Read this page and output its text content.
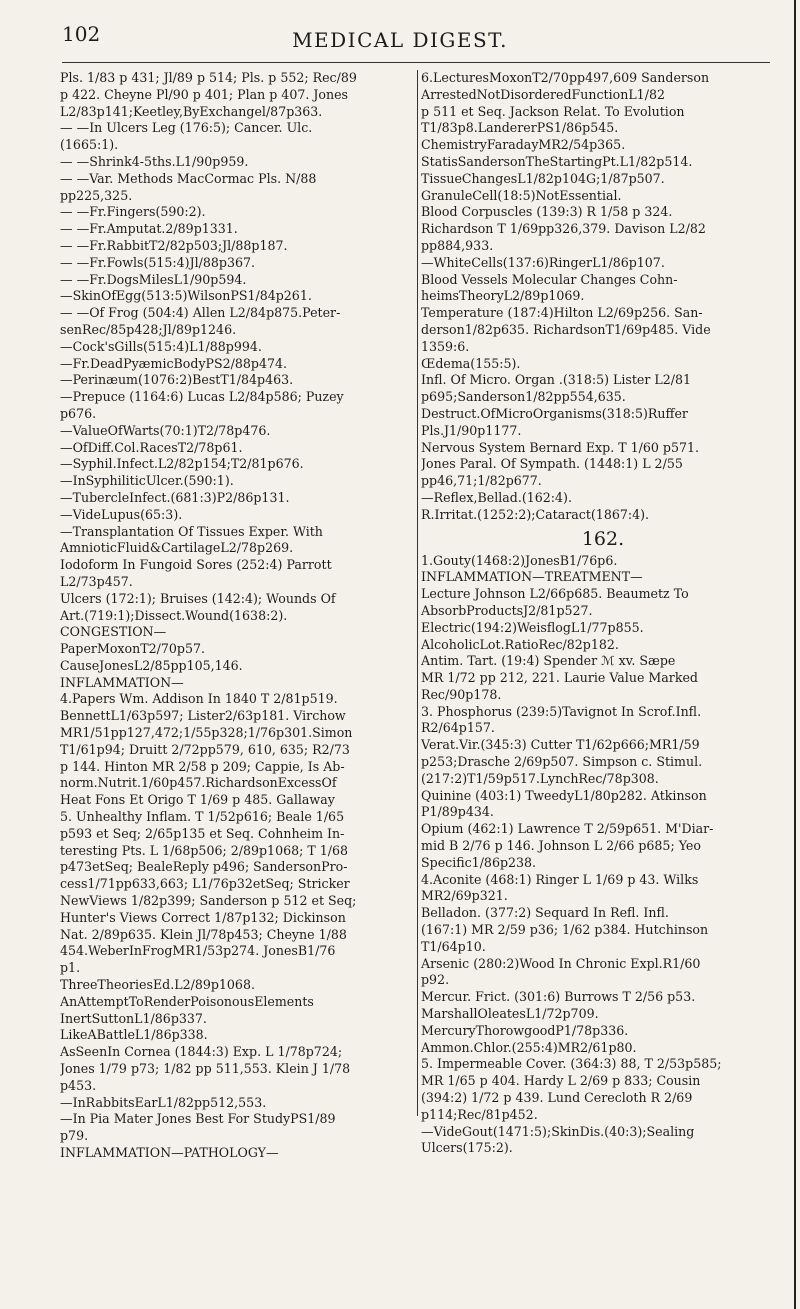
102	MEDICAL DIGEST.
Pls. 1/83 p 431; Jl/89 p 514; Pls. p 552; Rec/89
p 422. Cheyne Pl/90 p 401; Plan p 407. Jones
L2/83p141;Keetley,ByExchangel/87p363.
— —In Ulcers Leg (176:5); Cancer. Ulc.
(1665:1).
— —Shrink4-5ths.L1/90p959.
— —Var. Methods MacCormac Pls. N/88
pp225,325.
— —Fr.Fingers(590:2).
— —Fr.Amputat.2/89p1331.
— —Fr.RabbitT2/82p503;Jl/88p187.
— —Fr.Fowls(515:4)Jl/88p367.
— —Fr.DogsMilesL1/90p594.
—SkinOfEgg(513:5)WilsonPS1/84p261.
— —Of Frog (504:4) Allen L2/84p875.Peter-
senRec/85p428;Jl/89p1246.
—Cock'sGills(515:4)L1/88p994.
—Fr.DeadPyæmicBodyPS2/88p474.
—Perinæum(1076:2)BestT1/84p463.
—Prepuce (1164:6) Lucas L2/84p586; Puzey
p676.
—ValueOfWarts(70:1)T2/78p476.
—OfDiff.Col.RacesT2/78p61.
—Syphil.Infect.L2/82p154;T2/81p676.
—InSyphiliticUlcer.(590:1).
—TubercleInfect.(681:3)P2/86p131.
—VideLupus(65:3).
—Transplantation Of Tissues Exper. With
AmnioticFluid&CartilageL2/78p269.
Iodoform In Fungoid Sores (252:4) Parrott
L2/73p457.
Ulcers (172:1); Bruises (142:4); Wounds Of
Art.(719:1);Dissect.Wound(1638:2).
CONGESTION—
PaperMoxonT2/70p57.
CauseJonesL2/85pp105,146.
INFLAMMATION—
4.Papers Wm. Addison In 1840 T 2/81p519.
BennettL1/63p597; Lister2/63p181. Virchow
MR1/51pp127,472;1/55p328;1/76p301.Simon
T1/61p94; Druitt 2/72pp579, 610, 635; R2/73
p 144. Hinton MR 2/58 p 209; Cappie, Is Ab-
norm.Nutrit.1/60p457.RichardsonExcessOf
Heat Fons Et Origo T 1/69 p 485. Gallaway
5. Unhealthy Inflam. T 1/52p616; Beale 1/65
p593 et Seq; 2/65p135 et Seq. Cohnheim In-
teresting Pts. L 1/68p506; 2/89p1068; T 1/68
p473etSeq; BealeReply p496; SandersonPro-
cess1/71pp633,663; L1/76p32etSeq; Stricker
NewViews 1/82p399; Sanderson p 512 et Seq;
Hunter's Views Correct 1/87p132; Dickinson
Nat. 2/89p635. Klein Jl/78p453; Cheyne 1/88
454.WeberInFrogMR1/53p274. JonesB1/76
p1.
ThreeTheoriesEd.L2/89p1068.
AnAttemptToRenderPoisonousElements
InertSuttonL1/86p337.
LikeABattleL1/86p338.
AsSeenIn Cornea (1844:3) Exp. L 1/78p724;
Jones 1/79 p73; 1/82 pp 511,553. Klein J 1/78
p453.
—InRabbitsEarL1/82pp512,553.
—In Pia Mater Jones Best For StudyPS1/89
p79.
INFLAMMATION—PATHOLOGY—
6.LecturesMoxonT2/70pp497,609 Sanderson
ArrestedNotDisorderedFunctionL1/82
p 511 et Seq. Jackson Relat. To Evolution
T1/83p8.LandererPS1/86p545.
ChemistryFaradayMR2/54p365.
StatisSandersonTheStartingPt.L1/82p514.
TissueChangesL1/82p104G;1/87p507.
GranuleCell(18:5)NotEssential.
Blood Corpuscles (139:3) R 1/58 p 324.
Richardson T 1/69pp326,379. Davison L2/82
pp884,933.
—WhiteCells(137:6)RingerL1/86p107.
Blood Vessels Molecular Changes Cohn-
heimsTheoryL2/89p1069.
Temperature (187:4)Hilton L2/69p256. San-
derson1/82p635. RichardsonT1/69p485. Vide
1359:6.
Œdema(155:5).
Infl. Of Micro. Organ .(318:5) Lister L2/81
p695;Sanderson1/82pp554,635.
Destruct.OfMicroOrganisms(318:5)Ruffer
Pls.J1/90p1177.
Nervous System Bernard Exp. T 1/60 p571.
Jones Paral. Of Sympath. (1448:1) L 2/55
pp46,71;1/82p677.
—Reflex,Bellad.(162:4).
R.Irritat.(1252:2);Cataract(1867:4).
162.
1.Gouty(1468:2)JonesB1/76p6.
INFLAMMATION—TREATMENT—
Lecture Johnson L2/66p685. Beaumetz To
AbsorbProductsJ2/81p527.
Electric(194:2)WeisflogL1/77p855.
AlcoholicLot.RatioRec/82p182.
Antim. Tart. (19:4) Spender ℳ xv. Sæpe
MR 1/72 pp 212, 221. Laurie Value Marked
Rec/90p178.
3. Phosphorus (239:5)Tavignot In Scrof.Infl.
R2/64p157.
Verat.Vir.(345:3) Cutter T1/62p666;MR1/59
p253;Drasche 2/69p507. Simpson c. Stimul.
(217:2)T1/59p517.LynchRec/78p308.
Quinine (403:1) TweedyL1/80p282. Atkinson
P1/89p434.
Opium (462:1) Lawrence T 2/59p651. M'Diar-
mid B 2/76 p 146. Johnson L 2/66 p685; Yeo
Specific1/86p238.
4.Aconite (468:1) Ringer L 1/69 p 43. Wilks
MR2/69p321.
Belladon. (377:2) Sequard In Refl. Infl.
(167:1) MR 2/59 p36; 1/62 p384. Hutchinson
T1/64p10.
Arsenic (280:2)Wood In Chronic Expl.R1/60
p92.
Mercur. Frict. (301:6) Burrows T 2/56 p53.
MarshallOleatesL1/72p709.
MercuryThorowgoodP1/78p336.
Ammon.Chlor.(255:4)MR2/61p80.
5. Impermeable Cover. (364:3) 88, T 2/53p585;
MR 1/65 p 404. Hardy L 2/69 p 833; Cousin
(394:2) 1/72 p 439. Lund Cerecloth R 2/69
p114;Rec/81p452.
—VideGout(1471:5);SkinDis.(40:3);Sealing
Ulcers(175:2).
